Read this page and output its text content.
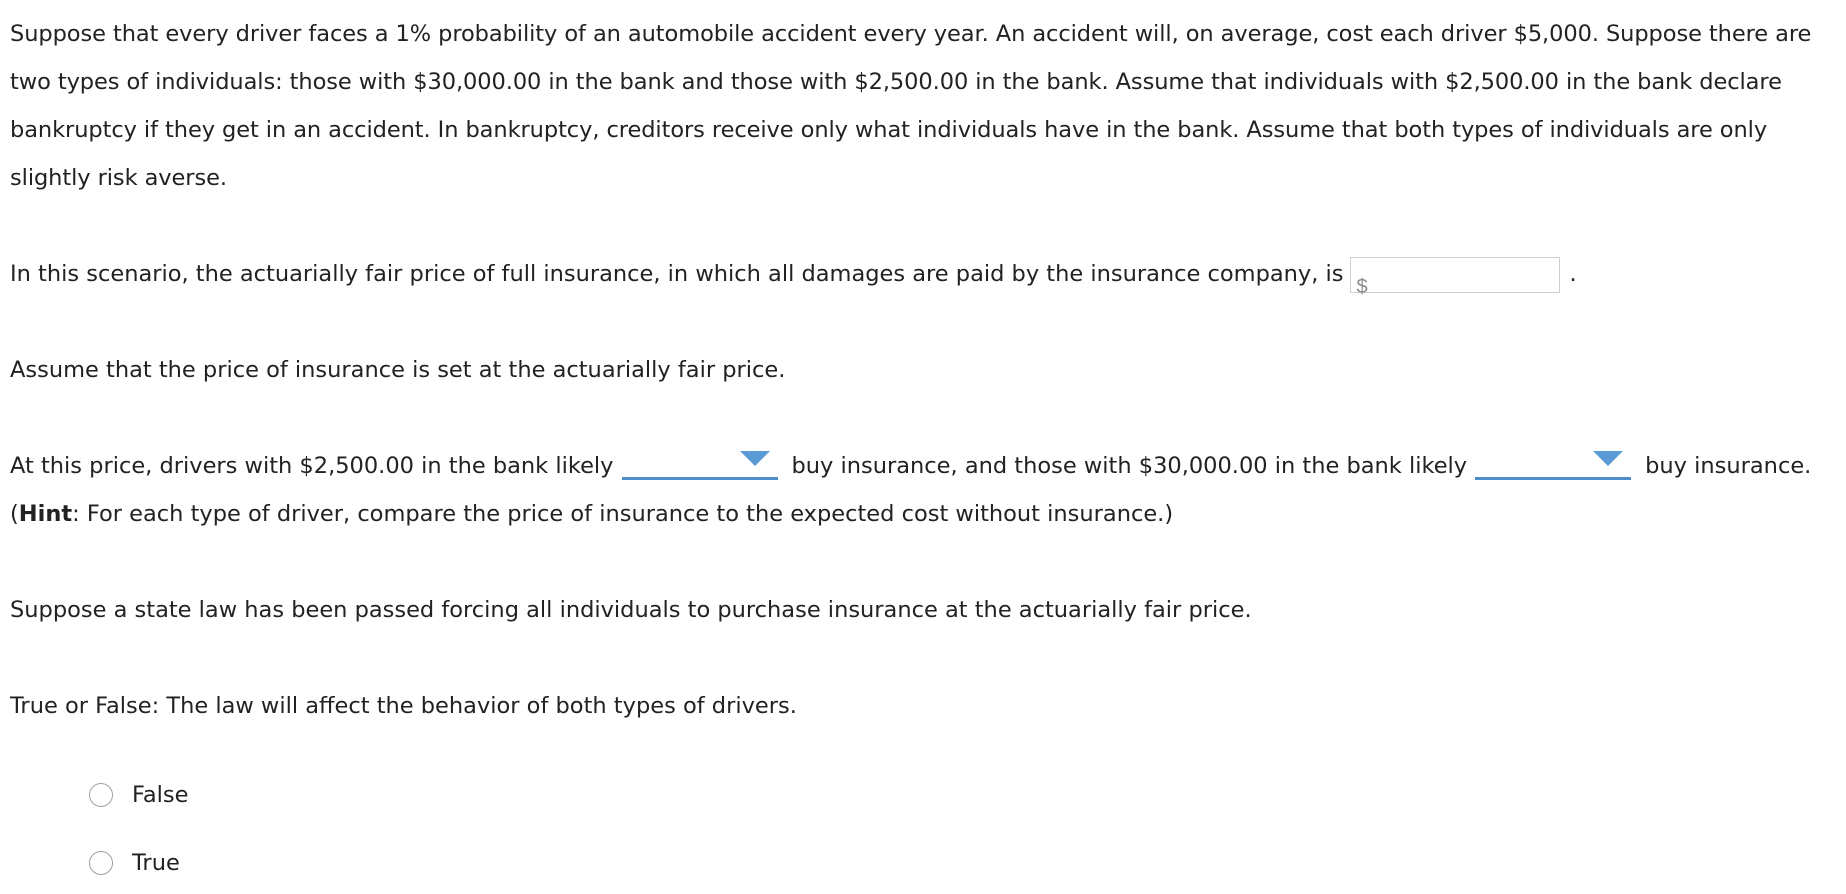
Suppose that every driver faces a 1% probability of an automobile accident every year. An accident will, on average, cost each driver $5,000. Suppose there are two types of individuals: those with $30,000.00 in the bank and those with $2,500.00 in the bank. Assume that individuals with $2,500.00 in the bank declare bankruptcy if they get in an accident. In bankruptcy, creditors receive only what individuals have in the bank. Assume that both types of individuals are only slightly risk averse.

In this scenario, the actuarially fair price of full insurance, in which all damages are paid by the insurance company, is $	.

Assume that the price of insurance is set at the actuarially fair price.

At this price, drivers with $2,500.00 in the bank likely	buy insurance, and those with $30,000.00 in the bank likely	buy insurance. (Hint: For each type of driver, compare the price of insurance to the expected cost without insurance.)

Suppose a state law has been passed forcing all individuals to purchase insurance at the actuarially fair price.

True or False: The law will affect the behavior of both types of drivers.

False
True
